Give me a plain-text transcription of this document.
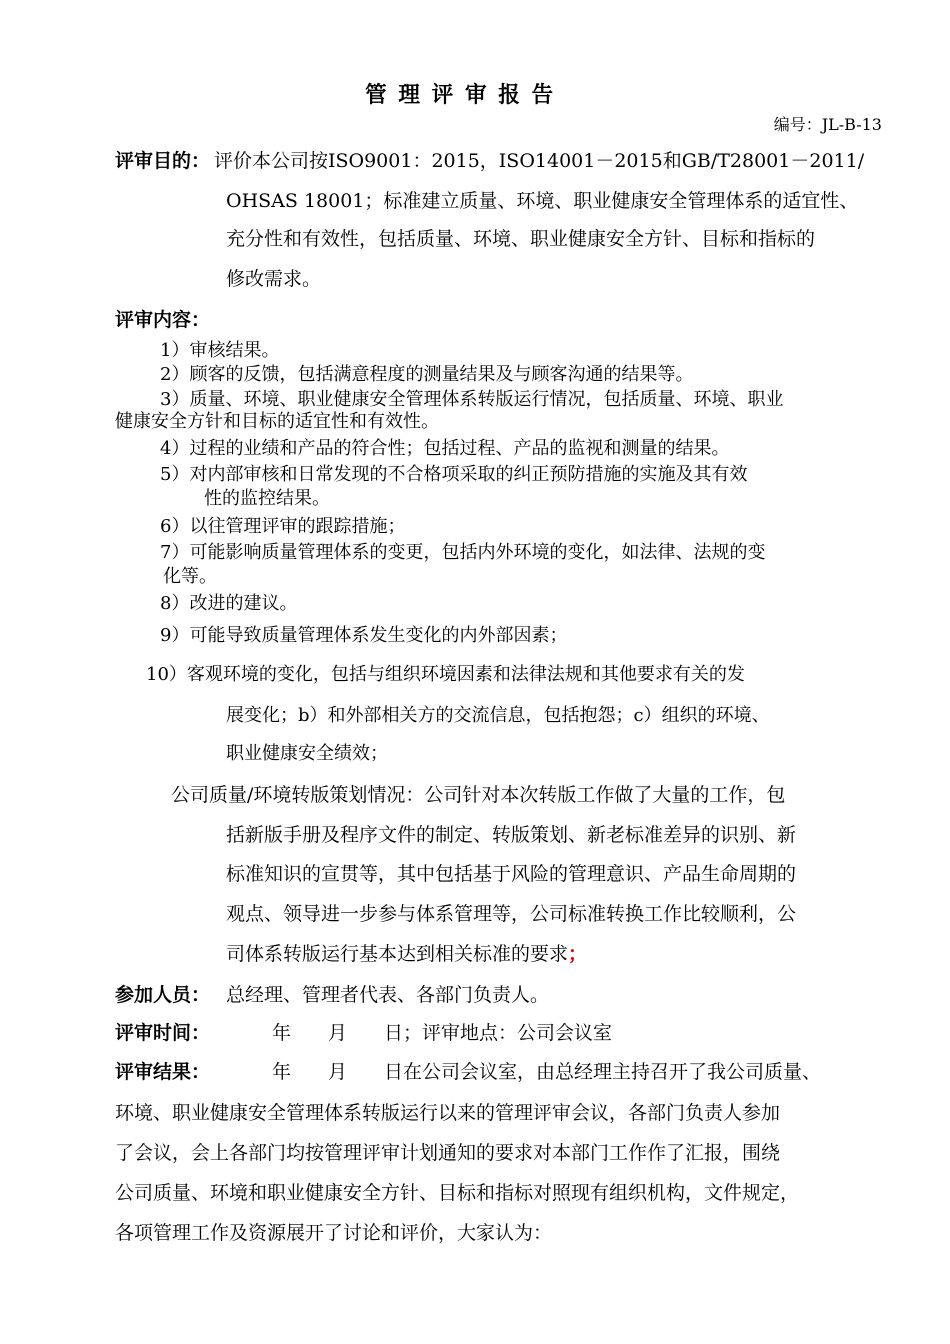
管理评审报告
编号：JL-B-13
评审目的： 评价本公司按ISO9001：2015，ISO14001－2015和GB/T28001－2011/
OHSAS 18001；标准建立质量、环境、职业健康安全管理体系的适宜性、
充分性和有效性，包括质量、环境、职业健康安全方针、目标和指标的
修改需求。
评审内容：
1）审核结果。
2）顾客的反馈，包括满意程度的测量结果及与顾客沟通的结果等。
3）质量、环境、职业健康安全管理体系转版运行情况，包括质量、环境、职业
健康安全方针和目标的适宜性和有效性。
4）过程的业绩和产品的符合性；包括过程、产品的监视和测量的结果。
5）对内部审核和日常发现的不合格项采取的纠正预防措施的实施及其有效
性的监控结果。
6）以往管理评审的跟踪措施；
7）可能影响质量管理体系的变更，包括内外环境的变化，如法律、法规的变
化等。
8）改进的建议。
9）可能导致质量管理体系发生变化的内外部因素；
10）客观环境的变化，包括与组织环境因素和法律法规和其他要求有关的发
展变化；b）和外部相关方的交流信息，包括抱怨；c）组织的环境、
职业健康安全绩效；
公司质量/环境转版策划情况：公司针对本次转版工作做了大量的工作，包
括新版手册及程序文件的制定、转版策划、新老标准差异的识别、新
标准知识的宣贯等，其中包括基于风险的管理意识、产品生命周期的
观点、领导进一步参与体系管理等，公司标准转换工作比较顺利，公
司体系转版运行基本达到相关标准的要求；
参加人员： 总经理、管理者代表、各部门负责人。
评审时间：	年 月 日；评审地点：公司会议室
评审结果：	年 月 日在公司会议室，由总经理主持召开了我公司质量、
环境、职业健康安全管理体系转版运行以来的管理评审会议，各部门负责人参加
了会议，会上各部门均按管理评审计划通知的要求对本部门工作作了汇报，围绕
公司质量、环境和职业健康安全方针、目标和指标对照现有组织机构，文件规定，
各项管理工作及资源展开了讨论和评价，大家认为：
